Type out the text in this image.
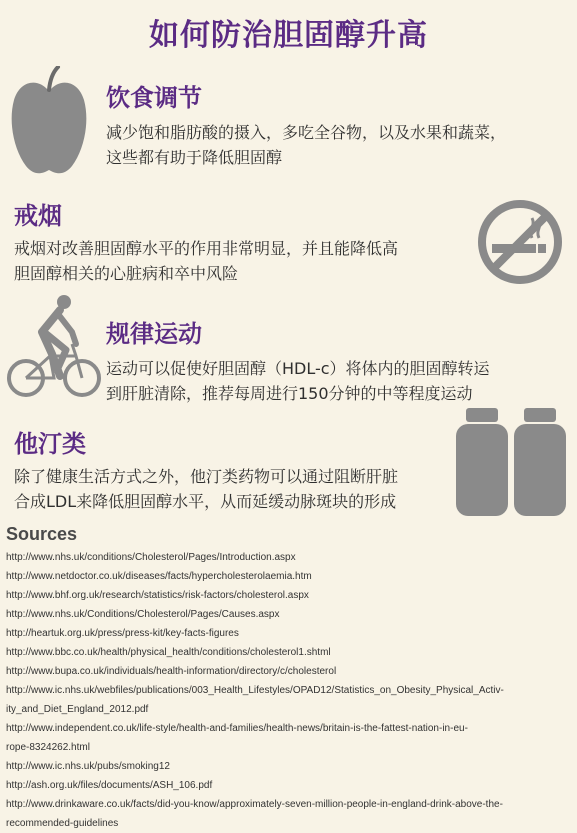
如何防治胆固醇升高
饮食调节
减少饱和脂肪酸的摄入，多吃全谷物，以及水果和蔬菜，
这些都有助于降低胆固醇
戒烟
戒烟对改善胆固醇水平的作用非常明显，并且能降低高
胆固醇相关的心脏病和卒中风险
规律运动
运动可以促使好胆固醇（HDL-c）将体内的胆固醇转运
到肝脏清除，推荐每周进行150分钟的中等程度运动
他汀类
除了健康生活方式之外，他汀类药物可以通过阻断肝脏
合成LDL来降低胆固醇水平，从而延缓动脉斑块的形成
Sources
http://www.nhs.uk/conditions/Cholesterol/Pages/Introduction.aspx
http://www.netdoctor.co.uk/diseases/facts/hypercholesterolaemia.htm
http://www.bhf.org.uk/research/statistics/risk-factors/cholesterol.aspx
http://www.nhs.uk/Conditions/Cholesterol/Pages/Causes.aspx
http://heartuk.org.uk/press/press-kit/key-facts-figures
http://www.bbc.co.uk/health/physical_health/conditions/cholesterol1.shtml
http://www.bupa.co.uk/individuals/health-information/directory/c/cholesterol
http://www.ic.nhs.uk/webfiles/publications/003_Health_Lifestyles/OPAD12/Statistics_on_Obesity_Physical_Activ-
ity_and_Diet_England_2012.pdf
http://www.independent.co.uk/life-style/health-and-families/health-news/britain-is-the-fattest-nation-in-eu-
rope-8324262.html
http://www.ic.nhs.uk/pubs/smoking12
http://ash.org.uk/files/documents/ASH_106.pdf
http://www.drinkaware.co.uk/facts/did-you-know/approximately-seven-million-people-in-england-drink-above-the-
recommended-guidelines
